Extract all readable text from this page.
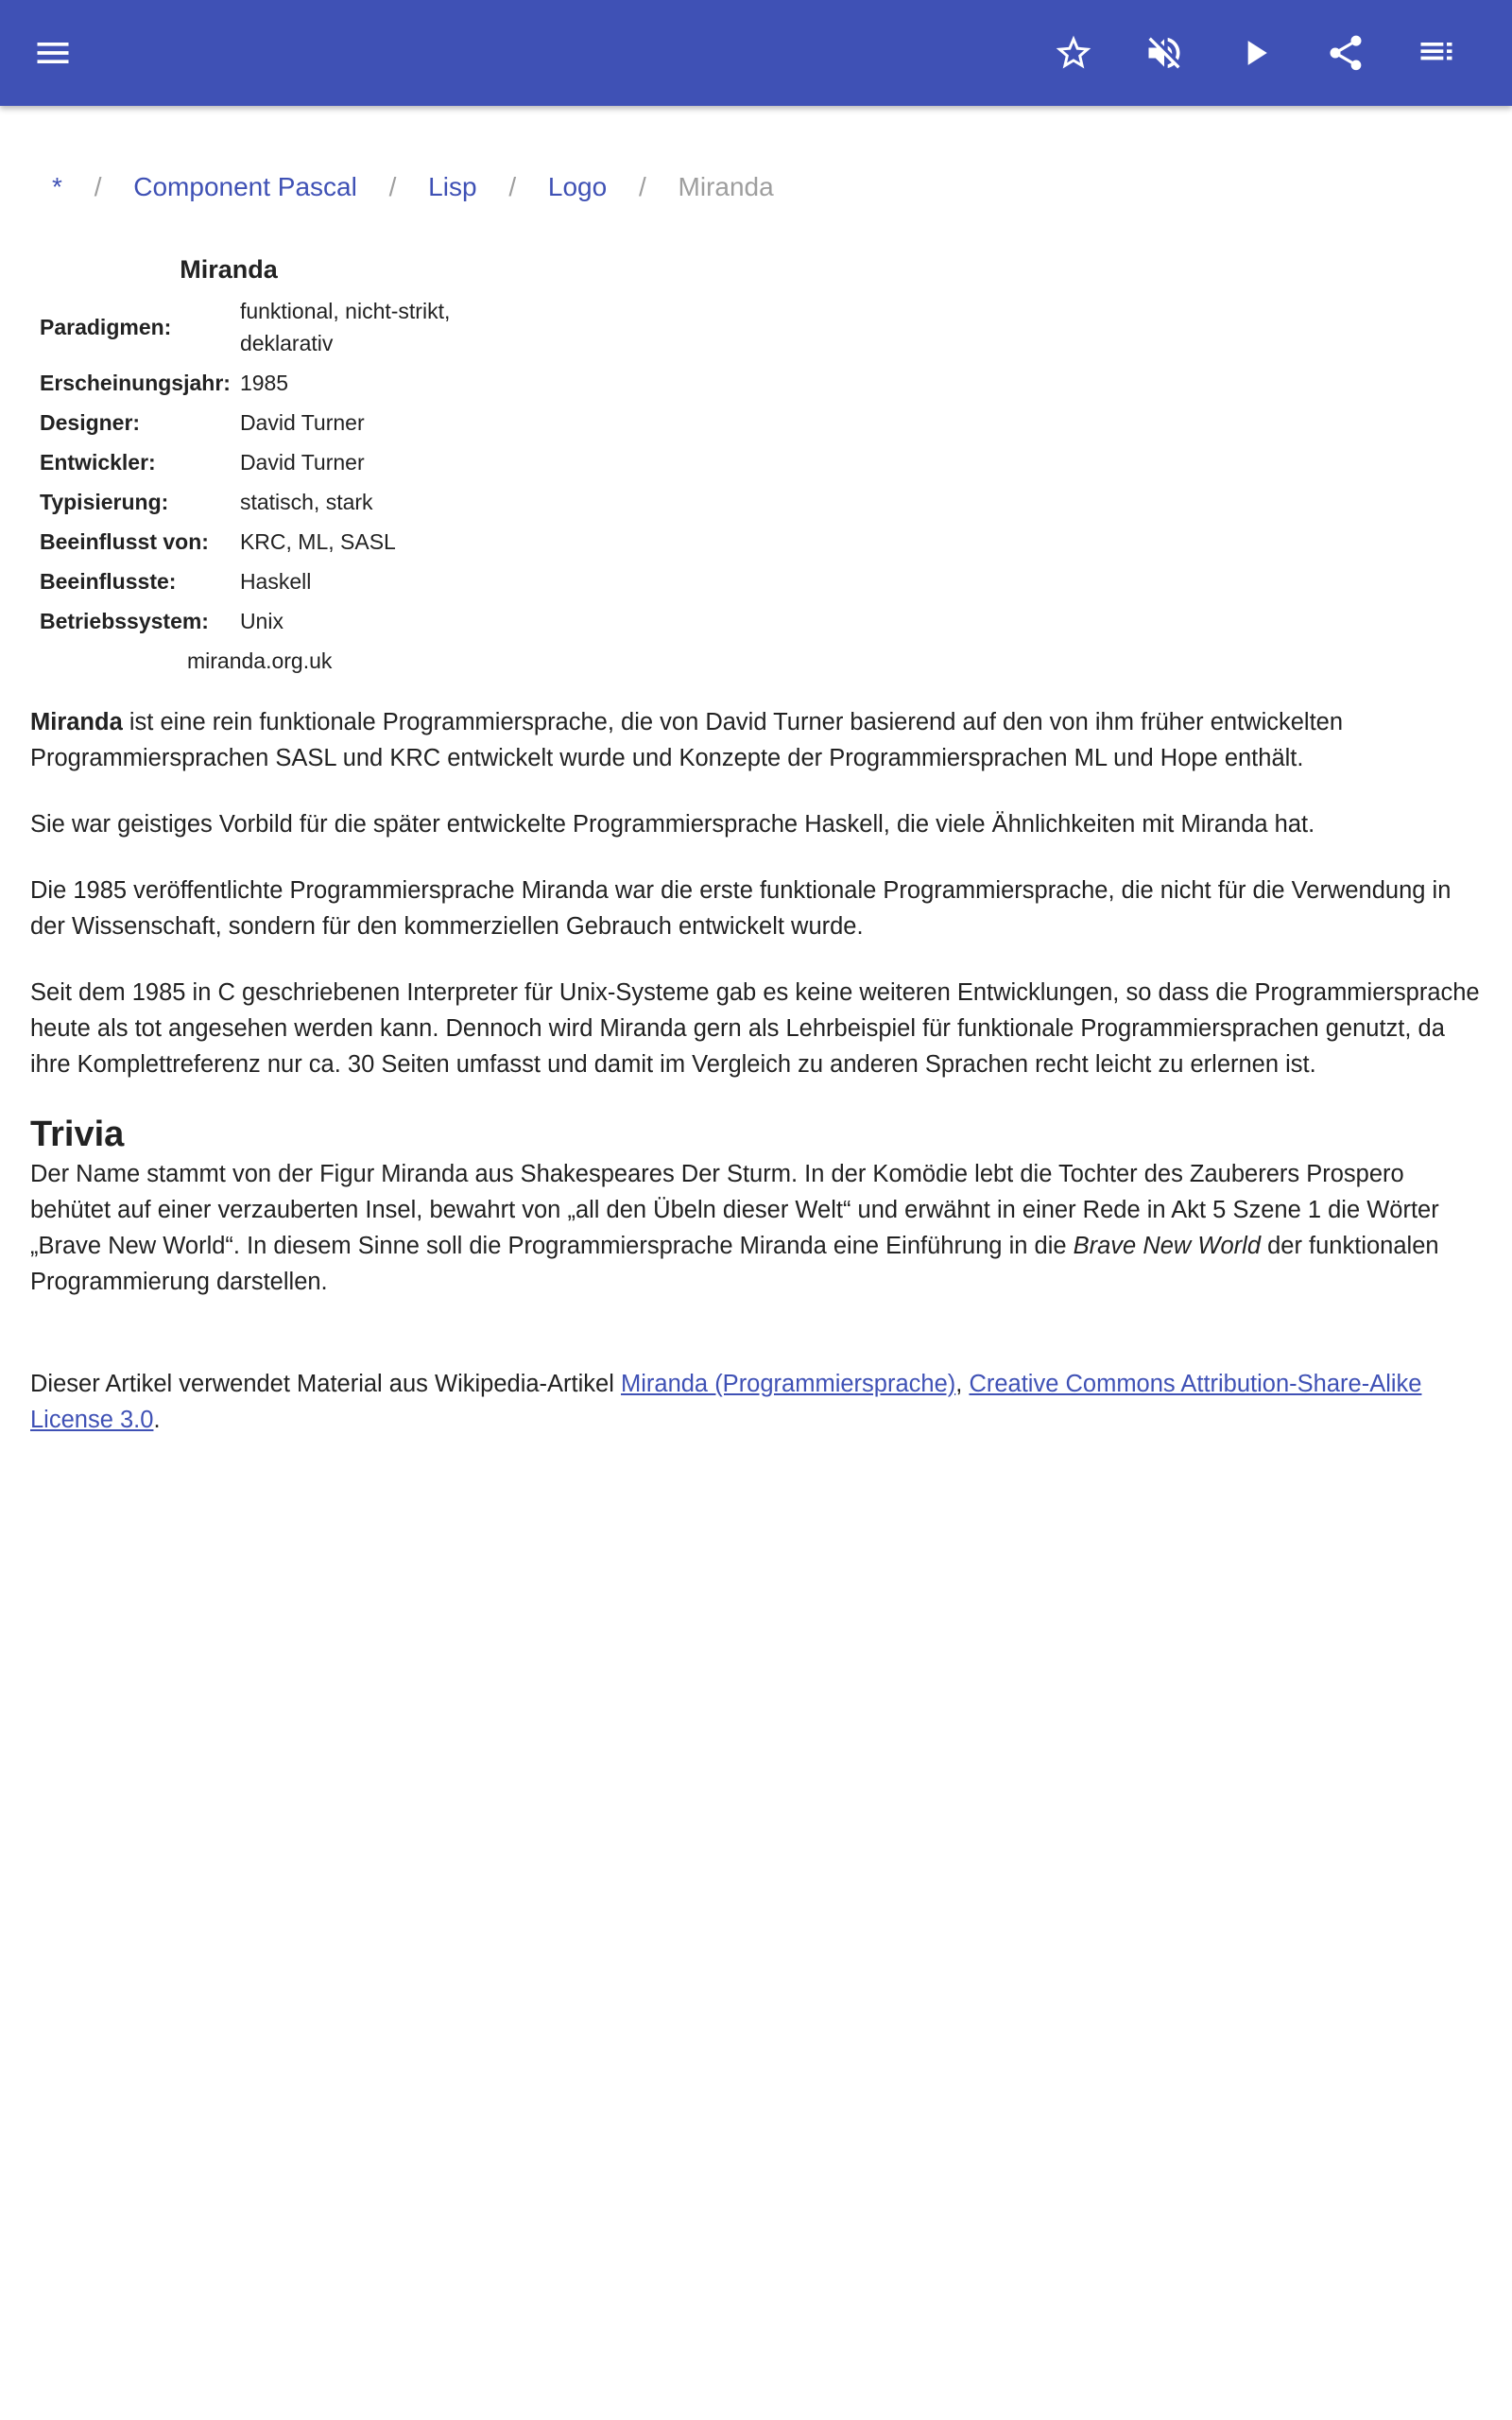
* / Component Pascal / Lisp / Logo / Miranda
Miranda
Paradigmen:	funktional, nicht-strikt, deklarativ
Erscheinungsjahr:	1985
Designer:	David Turner
Entwickler:	David Turner
Typisierung:	statisch, stark
Beeinflusst von:	KRC, ML, SASL
Beeinflusste:	Haskell
Betriebssystem:	Unix
miranda.org.uk

Miranda ist eine rein funktionale Programmiersprache, die von David Turner basierend auf den von ihm früher entwickelten Programmiersprachen SASL und KRC entwickelt wurde und Konzepte der Programmiersprachen ML und Hope enthält.

Sie war geistiges Vorbild für die später entwickelte Programmiersprache Haskell, die viele Ähnlichkeiten mit Miranda hat.

Die 1985 veröffentlichte Programmiersprache Miranda war die erste funktionale Programmiersprache, die nicht für die Verwendung in der Wissenschaft, sondern für den kommerziellen Gebrauch entwickelt wurde.

Seit dem 1985 in C geschriebenen Interpreter für Unix-Systeme gab es keine weiteren Entwicklungen, so dass die Programmiersprache heute als tot angesehen werden kann. Dennoch wird Miranda gern als Lehrbeispiel für funktionale Programmiersprachen genutzt, da ihre Komplettreferenz nur ca. 30 Seiten umfasst und damit im Vergleich zu anderen Sprachen recht leicht zu erlernen ist.

Trivia

Der Name stammt von der Figur Miranda aus Shakespeares Der Sturm. In der Komödie lebt die Tochter des Zauberers Prospero behütet auf einer verzauberten Insel, bewahrt von „all den Übeln dieser Welt“ und erwähnt in einer Rede in Akt 5 Szene 1 die Wörter „Brave New World“. In diesem Sinne soll die Programmiersprache Miranda eine Einführung in die Brave New World der funktionalen Programmierung darstellen.

Dieser Artikel verwendet Material aus Wikipedia-Artikel Miranda (Programmiersprache), Creative Commons Attribution-Share-Alike License 3.0.
